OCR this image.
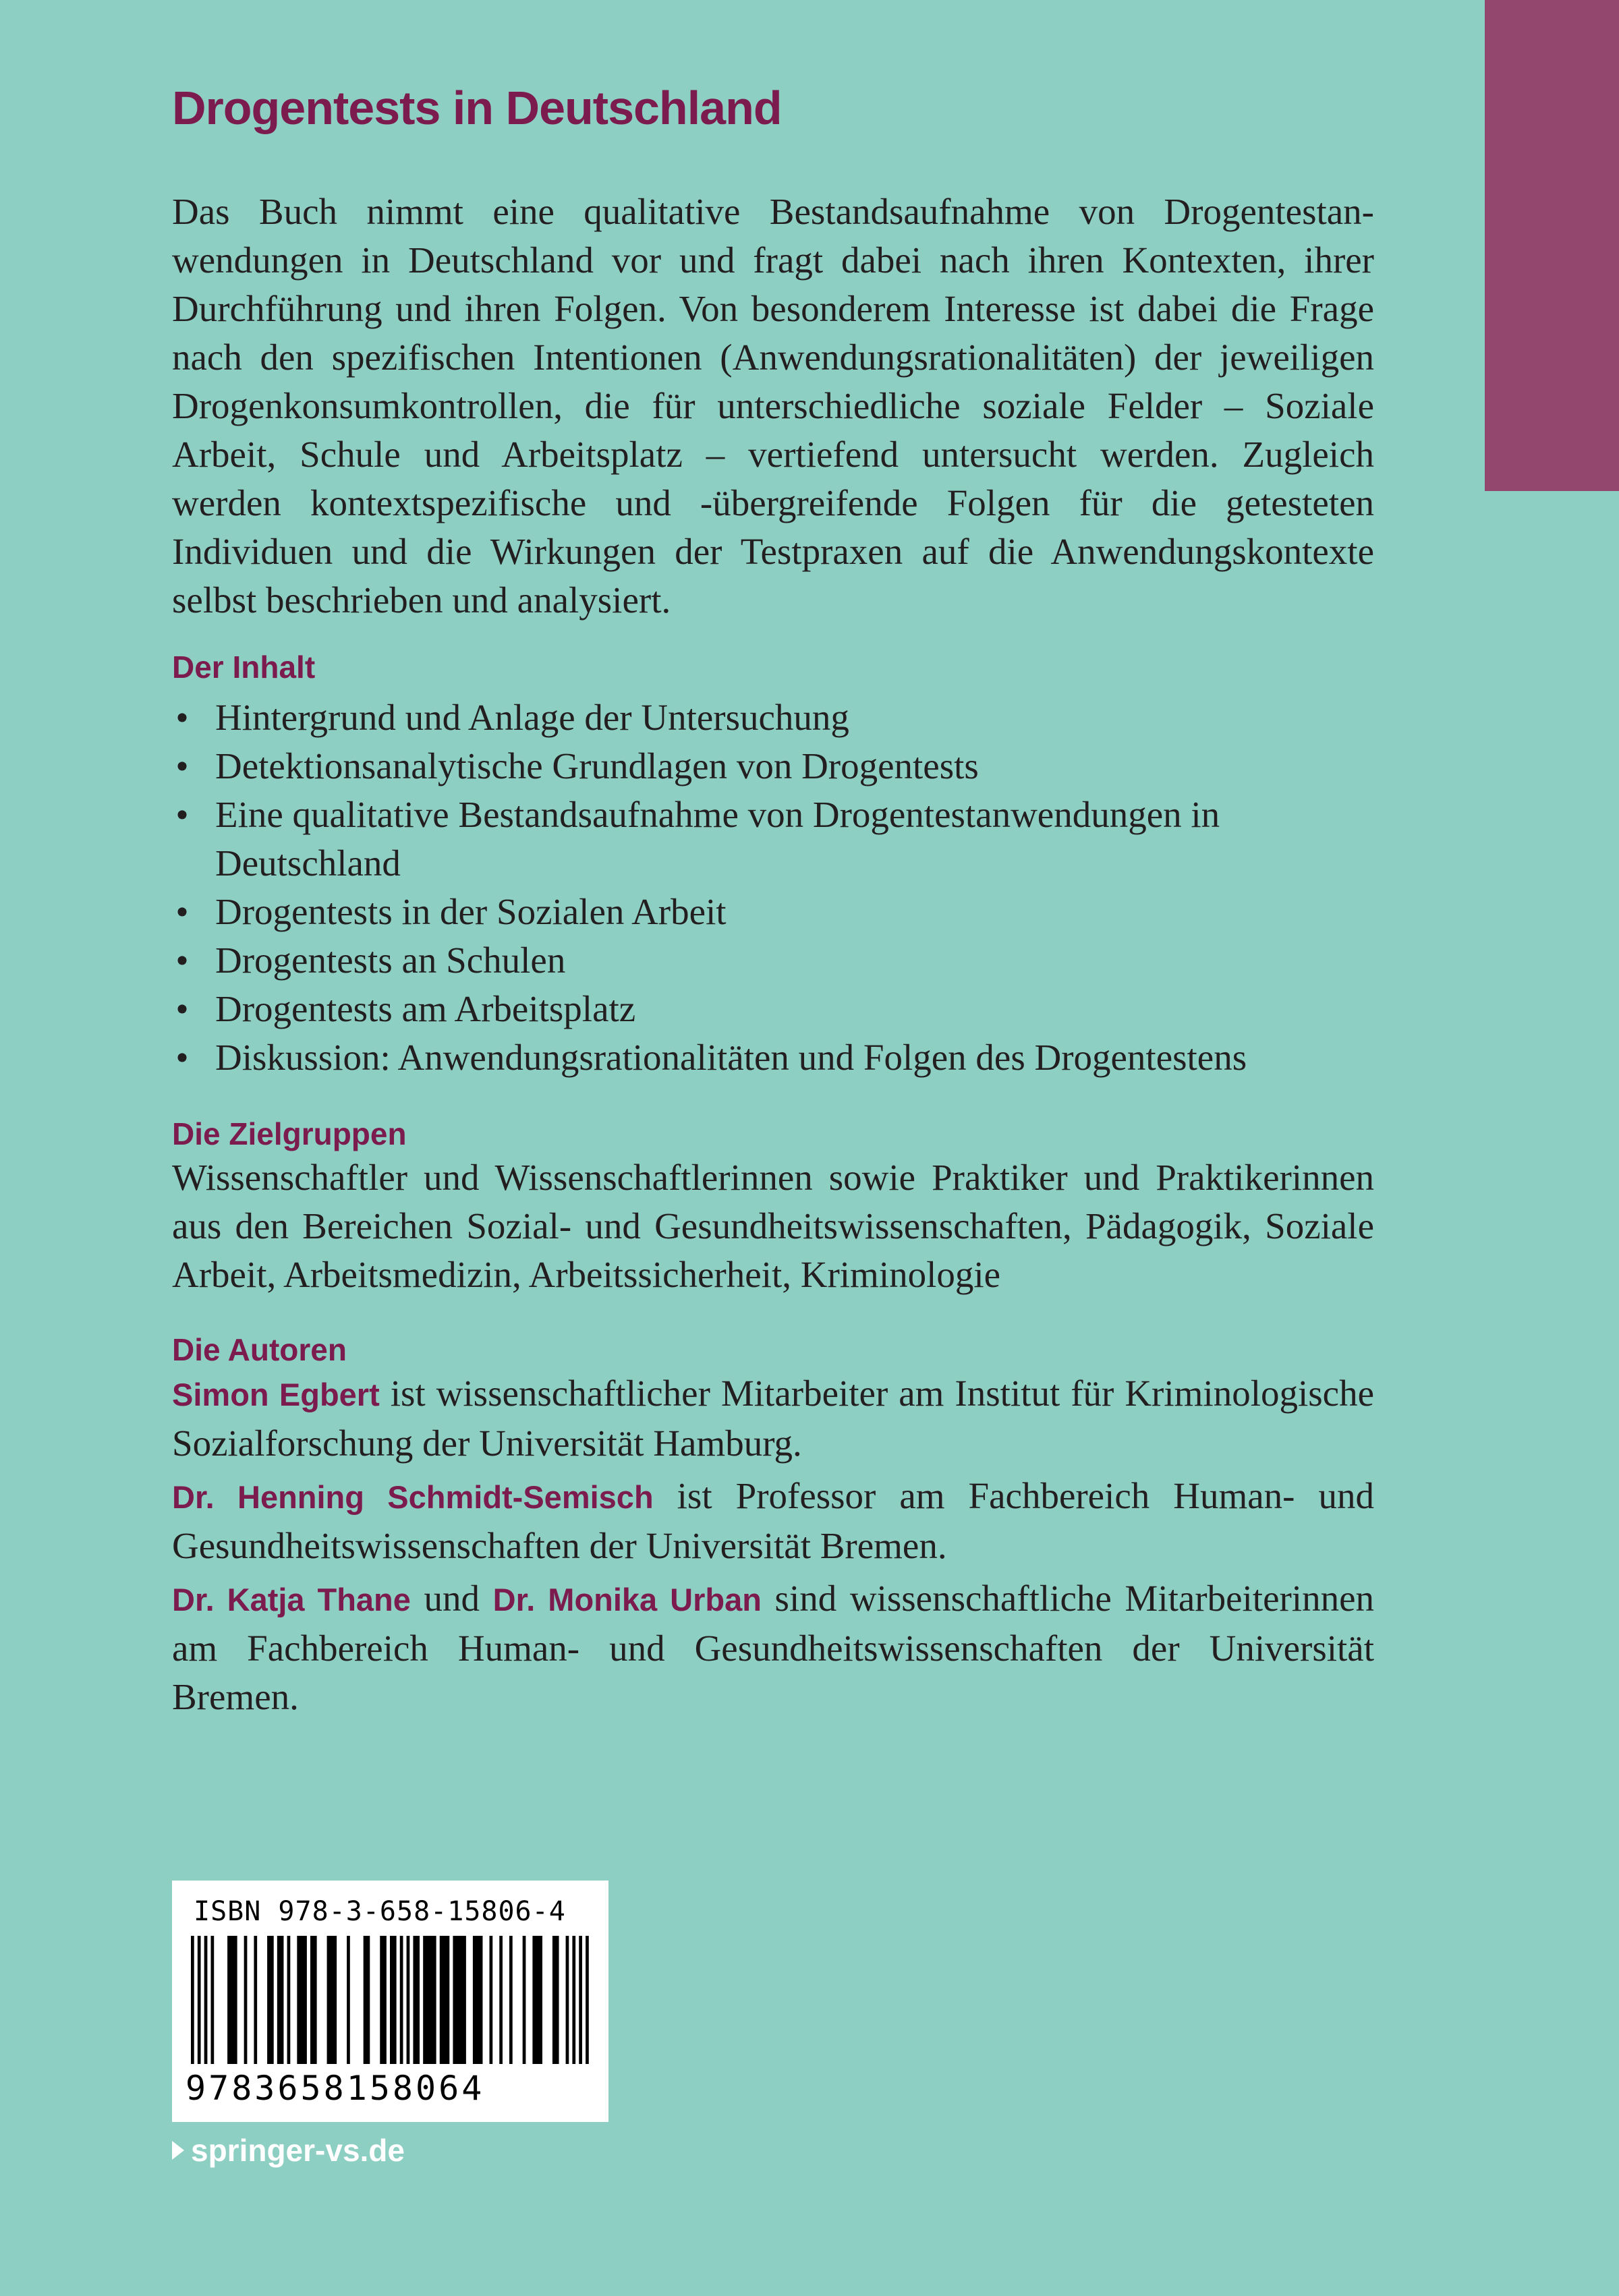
Drogentests in Deutschland

Das Buch nimmt eine qualitative Bestandsaufnahme von Drogentestanwendungen in Deutschland vor und fragt dabei nach ihren Kontexten, ihrer Durchführung und ihren Folgen. Von besonderem Interesse ist dabei die Frage nach den spezifischen Intentionen (Anwendungsrationalitäten) der jeweiligen Drogenkonsumkontrollen, die für unterschiedliche soziale Felder – Soziale Arbeit, Schule und Arbeitsplatz – vertiefend untersucht werden. Zugleich werden kontextspezifische und -übergreifende Folgen für die getesteten Individuen und die Wirkungen der Testpraxen auf die Anwendungskontexte selbst beschrieben und analysiert.

Der Inhalt
• Hintergrund und Anlage der Untersuchung
• Detektionsanalytische Grundlagen von Drogentests
• Eine qualitative Bestandsaufnahme von Drogentestanwendungen in Deutschland
• Drogentests in der Sozialen Arbeit
• Drogentests an Schulen
• Drogentests am Arbeitsplatz
• Diskussion: Anwendungsrationalitäten und Folgen des Drogentestens
Die Zielgruppen

Wissenschaftler und Wissenschaftlerinnen sowie Praktiker und Praktikerinnen aus den Bereichen Sozial- und Gesundheitswissenschaften, Pädagogik, Soziale Arbeit, Arbeitsmedizin, Arbeitssicherheit, Kriminologie

Die Autoren

Simon Egbert ist wissenschaftlicher Mitarbeiter am Institut für Kriminologische Sozialforschung der Universität Hamburg.

Dr. Henning Schmidt-Semisch ist Professor am Fachbereich Human- und Gesundheitswissenschaften der Universität Bremen.

Dr. Katja Thane und Dr. Monika Urban sind wissenschaftliche Mitarbeiterinnen am Fachbereich Human- und Gesundheitswissenschaften der Universität Bremen.

ISBN 978-3-658-15806-4
9783658158064
springer-vs.de
